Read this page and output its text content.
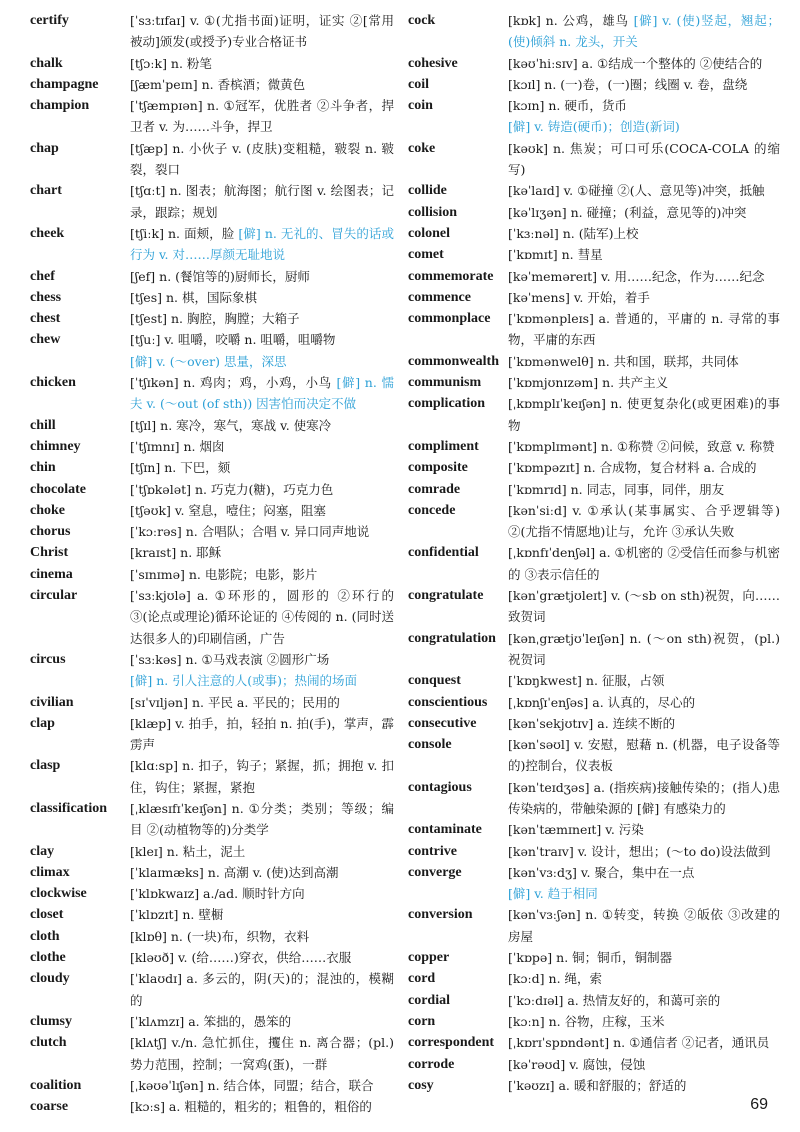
certify	[ˈsɜːtɪfaɪ] v. ①(尤指书面)证明，证实 ②[常用被动]颁发(或授予)专业合格证书
chalk	[tʃɔːk] n. 粉笔
champagne	[ʃæmˈpeɪn] n. 香槟酒；微黄色
champion	[ˈtʃæmpɪən] n. ①冠军，优胜者 ②斗争者，捍卫者 v. 为……斗争，捍卫
chap	[tʃæp] n. 小伙子 v. (皮肤)变粗糙，皲裂 n. 皲裂，裂口
chart	[tʃɑːt] n. 图表；航海图；航行图 v. 绘图表；记录，跟踪；规划
cheek	[tʃiːk] n. 面颊，脸 [僻] n. 无礼的、冒失的话或行为 v. 对……厚颜无耻地说
chef	[ʃef] n. (餐馆等的)厨师长，厨师
chess	[tʃes] n. 棋，国际象棋
chest	[tʃest] n. 胸腔，胸膛；大箱子
chew	[tʃuː] v. 咀嚼，咬嚼 n. 咀嚼，咀嚼物
[僻] v. (～over) 思量，深思
chicken	[ˈtʃɪkən] n. 鸡肉；鸡，小鸡，小鸟 [僻] n. 懦夫 v. (～out (of sth)) 因害怕而决定不做
chill	[tʃɪl] n. 寒冷，寒气，寒战 v. 使寒冷
chimney	[ˈtʃɪmnɪ] n. 烟囱
chin	[tʃɪn] n. 下巴，颏
chocolate	[ˈtʃɒkələt] n. 巧克力(糖)，巧克力色
choke	[tʃəʊk] v. 窒息，噎住；闷塞，阻塞
chorus	[ˈkɔːrəs] n. 合唱队；合唱 v. 异口同声地说
Christ	[kraɪst] n. 耶稣
cinema	[ˈsɪnɪmə] n. 电影院；电影，影片
circular	[ˈsɜːkjʊlə] a. ①环形的，圆形的 ②环行的 ③(论点或理论)循环论证的 ④传阅的 n. (同时送达很多人的)印刷信函，广告
circus	[ˈsɜːkəs] n. ①马戏表演 ②圆形广场
[僻] n. 引人注意的人(或事)；热闹的场面
civilian	[sɪˈvɪljən] n. 平民 a. 平民的；民用的
clap	[klæp] v. 拍手，拍，轻拍 n. 拍(手)，掌声，霹雳声
clasp	[klɑːsp] n. 扣子，钩子；紧握，抓；拥抱 v. 扣住，钩住；紧握，紧抱
classification	[ˌklæsɪfɪˈkeɪʃən] n. ①分类；类别；等级；编目 ②(动植物等的)分类学
clay	[kleɪ] n. 粘土，泥土
climax	[ˈklaɪmæks] n. 高潮 v. (使)达到高潮
clockwise	[ˈklɒkwaɪz] a./ad. 顺时针方向
closet	[ˈklɒzɪt] n. 壁橱
cloth	[klɒθ] n. (一块)布，织物，衣料
clothe	[kləʊð] v. (给……)穿衣，供给……衣服
cloudy	[ˈklaʊdɪ] a. 多云的，阴(天)的；混浊的，模糊的
clumsy	[ˈklʌmzɪ] a. 笨拙的，愚笨的
clutch	[klʌtʃ] v./n. 急忙抓住，攫住 n. 离合器；(pl.) 势力范围，控制；一窝鸡(蛋)，一群
coalition	[ˌkəʊəˈlɪʃən] n. 结合体，同盟；结合，联合
coarse	[kɔːs] a. 粗糙的，粗劣的；粗鲁的，粗俗的
cock	[kɒk] n. 公鸡，雄鸟 [僻] v. (使)竖起，翘起；(使)倾斜 n. 龙头，开关
cohesive	[kəʊˈhiːsɪv] a. ①结成一个整体的 ②使结合的
coil	[kɔɪl] n. (一)卷，(一)圈；线圈 v. 卷，盘绕
coin	[kɔɪn] n. 硬币，货币
[僻] v. 铸造(硬币)；创造(新词)
coke	[kəʊk] n. 焦炭；可口可乐(COCA-COLA 的缩写)
collide	[kəˈlaɪd] v. ①碰撞 ②(人、意见等)冲突，抵触
collision	[kəˈlɪʒən] n. 碰撞；(利益，意见等的)冲突
colonel	[ˈkɜːnəl] n. (陆军)上校
comet	[ˈkɒmɪt] n. 彗星
commemorate	[kəˈmeməreɪt] v. 用……纪念，作为……纪念
commence	[kəˈmens] v. 开始，着手
commonplace	[ˈkɒmənpleɪs] a. 普通的，平庸的 n. 寻常的事物，平庸的东西
commonwealth [ˈkɒmənwelθ] n. 共和国，联邦，共同体
communism	[ˈkɒmjʊnɪzəm] n. 共产主义
complication	[ˌkɒmplɪˈkeɪʃən] n. 使更复杂化(或更困难)的事物
compliment	[ˈkɒmplɪmənt] n. ①称赞 ②问候，致意 v. 称赞
composite	[ˈkɒmpəzɪt] n. 合成物，复合材料 a. 合成的
comrade	[ˈkɒmrɪd] n. 同志，同事，同伴，朋友
concede	[kənˈsiːd] v. ①承认(某事属实、合乎逻辑等) ②(尤指不情愿地)让与，允许 ③承认失败
confidential	[ˌkɒnfɪˈdenʃəl] a. ①机密的 ②受信任而参与机密的 ③表示信任的
congratulate	[kənˈgrætjʊleɪt] v. (～sb on sth)祝贺，向……致贺词
congratulation [kənˌgrætjʊˈleɪʃən] n. (～on sth)祝贺，(pl.) 祝贺词
conquest	[ˈkɒŋkwest] n. 征服，占领
conscientious	[ˌkɒnʃɪˈenʃəs] a. 认真的，尽心的
consecutive	[kənˈsekjʊtɪv] a. 连续不断的
console	[kənˈsəʊl] v. 安慰，慰藉 n. (机器，电子设备等的)控制台，仪表板
contagious	[kənˈteɪdʒəs] a. (指疾病)接触传染的；(指人)患传染病的，带触染源的 [僻] 有感染力的
contaminate	[kənˈtæmɪneɪt] v. 污染
contrive	[kənˈtraɪv] v. 设计，想出；(～to do)设法做到
converge	[kənˈvɜːdʒ] v. 聚合，集中在一点
[僻] v. 趋于相同
conversion	[kənˈvɜːʃən] n. ①转变，转换 ②皈依 ③改建的房屋
copper	[ˈkɒpə] n. 铜；铜币，铜制器
cord	[kɔːd] n. 绳，索
cordial	[ˈkɔːdɪəl] a. 热情友好的，和蔼可亲的
corn	[kɔːn] n. 谷物，庄稼，玉米
correspondent	[ˌkɒrɪˈspɒndənt] n. ①通信者 ②记者，通讯员
corrode	[kəˈrəʊd] v. 腐蚀，侵蚀
cosy	[ˈkəʊzɪ] a. 暖和舒服的；舒适的
69
